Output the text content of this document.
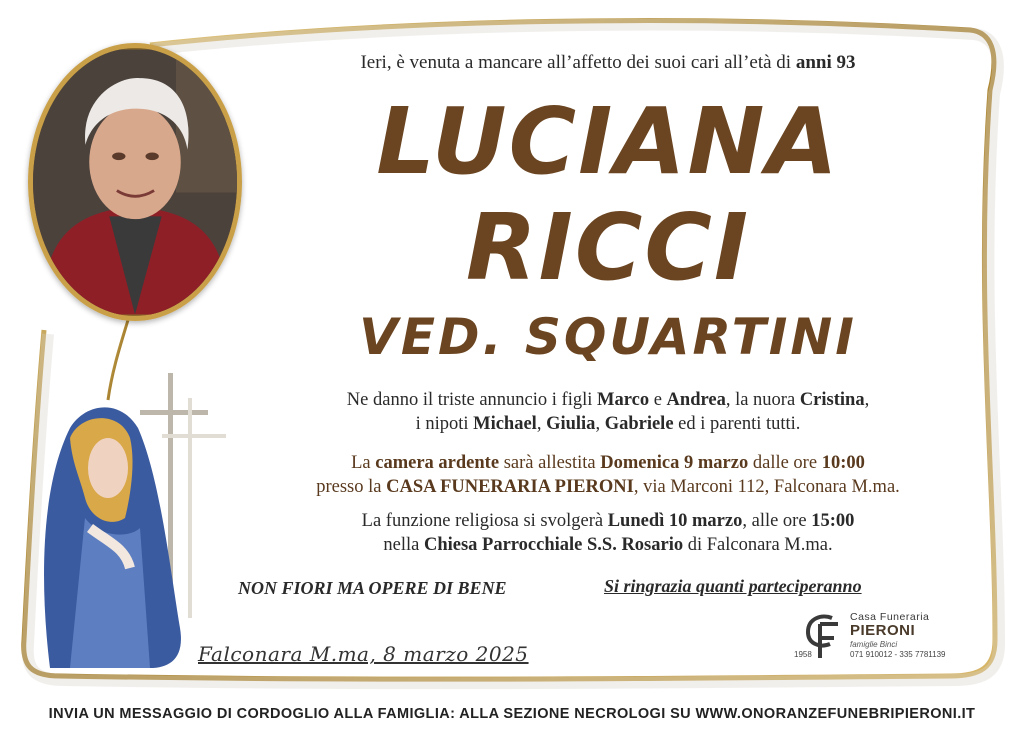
Ieri, è venuta a mancare all’affetto dei suoi cari all’età di anni 93
LUCIANA
RICCI
VED. SQUARTINI
Ne danno il triste annuncio i figli Marco e Andrea, la nuora Cristina,
i nipoti Michael, Giulia, Gabriele ed i parenti tutti.
La camera ardente sarà allestita Domenica 9 marzo dalle ore 10:00
presso la CASA FUNERARIA PIERONI, via Marconi 112, Falconara M.ma.
La funzione religiosa si svolgerà Lunedì 10 marzo, alle ore 15:00
nella Chiesa Parrocchiale S.S. Rosario di Falconara M.ma.
NON FIORI MA OPERE DI BENE	Si ringrazia quanti parteciperanno
Falconara M.ma, 8 marzo 2025
CF
1958
Casa Funeraria
PIERONI
famiglie Binci
071 910012 - 335 7781139
INVIA UN MESSAGGIO DI CORDOGLIO ALLA FAMIGLIA: ALLA SEZIONE NECROLOGI SU WWW.ONORANZEFUNEBRIPIERONI.IT
